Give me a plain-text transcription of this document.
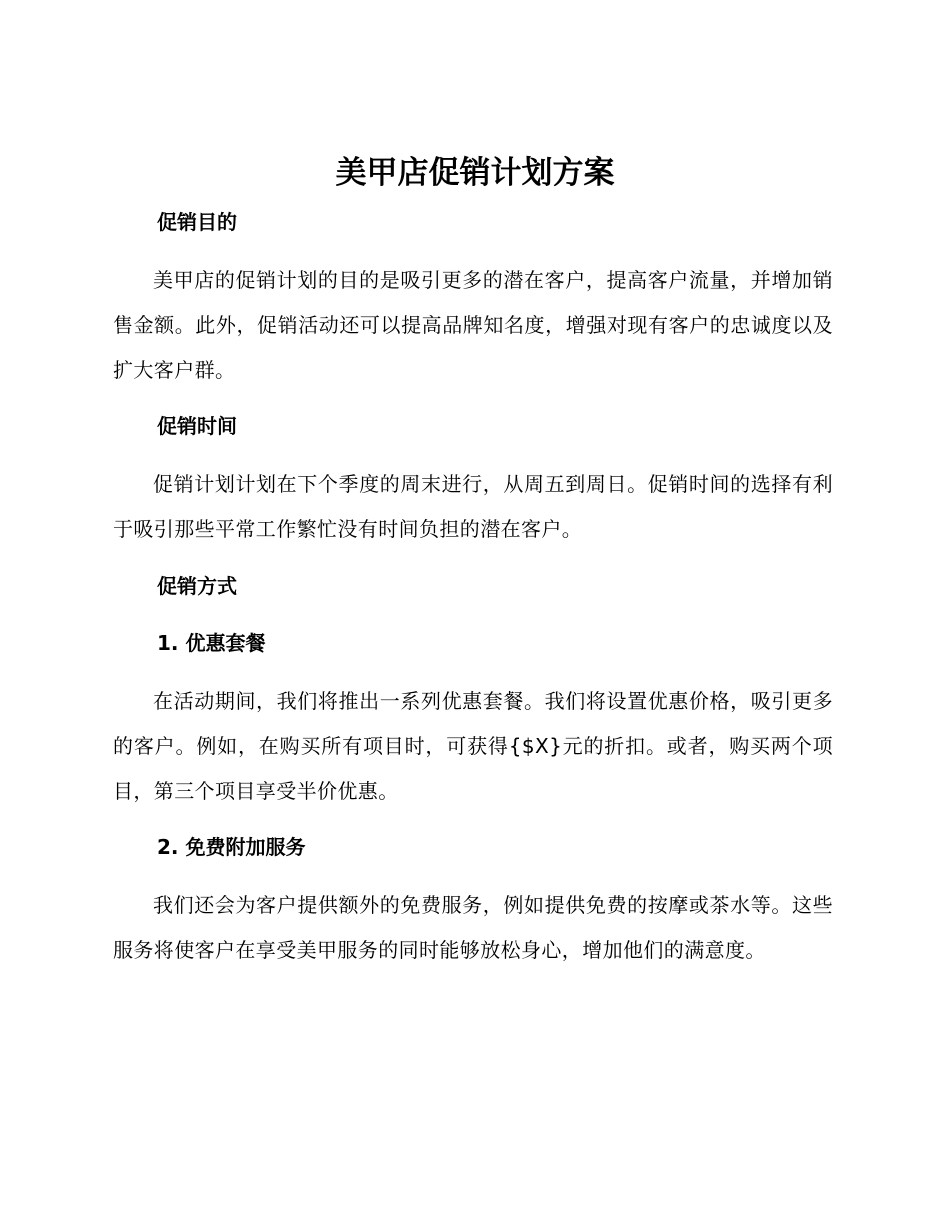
美甲店促销计划方案
促销目的

美甲店的促销计划的目的是吸引更多的潜在客户，提高客户流量，并增加销售金额。此外，促销活动还可以提高品牌知名度，增强对现有客户的忠诚度以及扩大客户群。

促销时间

促销计划计划在下个季度的周末进行，从周五到周日。促销时间的选择有利于吸引那些平常工作繁忙没有时间负担的潜在客户。

促销方式
1. 优惠套餐

在活动期间，我们将推出一系列优惠套餐。我们将设置优惠价格，吸引更多的客户。例如，在购买所有项目时，可获得{$X}元的折扣。或者，购买两个项目，第三个项目享受半价优惠。

2. 免费附加服务

我们还会为客户提供额外的免费服务，例如提供免费的按摩或茶水等。这些服务将使客户在享受美甲服务的同时能够放松身心，增加他们的满意度。
